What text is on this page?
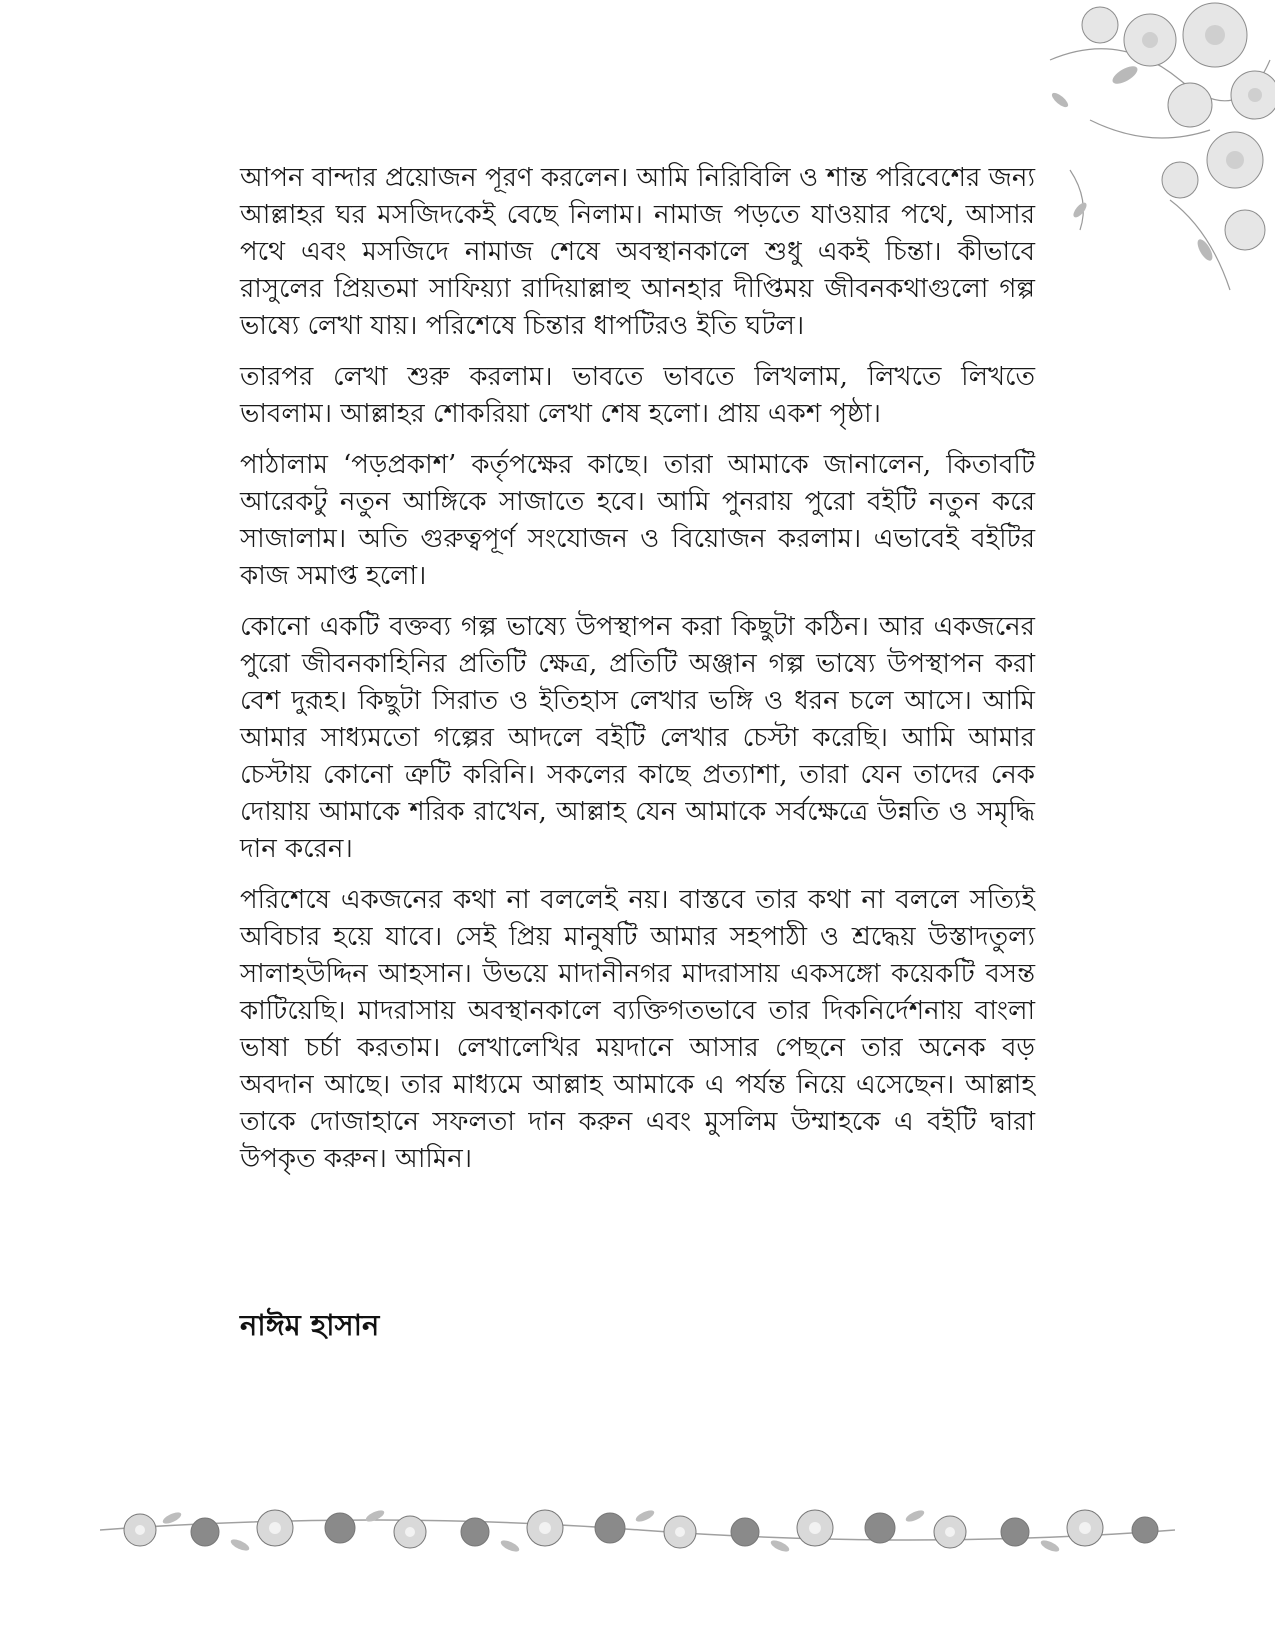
আপন বান্দার প্রয়োজন পূরণ করলেন। আমি নিরিবিলি ও শান্ত পরিবেশের জন্য আল্লাহর ঘর মসজিদকেই বেছে নিলাম। নামাজ পড়তে যাওয়ার পথে, আসার পথে এবং মসজিদে নামাজ শেষে অবস্থানকালে শুধু একই চিন্তা। কীভাবে রাসুলের প্রিয়তমা সাফিয়্যা রাদিয়াল্লাহু আনহার দীপ্তিময় জীবনকথাগুলো গল্প ভাষ্যে লেখা যায়। পরিশেষে চিন্তার ধাপটিরও ইতি ঘটল।

তারপর লেখা শুরু করলাম। ভাবতে ভাবতে লিখলাম, লিখতে লিখতে ভাবলাম। আল্লাহর শোকরিয়া লেখা শেষ হলো। প্রায় একশ পৃষ্ঠা।

পাঠালাম ‘পড়প্রকাশ’ কর্তৃপক্ষের কাছে। তারা আমাকে জানালেন, কিতাবটি আরেকটু নতুন আঙ্গিকে সাজাতে হবে। আমি পুনরায় পুরো বইটি নতুন করে সাজালাম। অতি গুরুত্বপূর্ণ সংযোজন ও বিয়োজন করলাম। এভাবেই বইটির কাজ সমাপ্ত হলো।

কোনো একটি বক্তব্য গল্প ভাষ্যে উপস্থাপন করা কিছুটা কঠিন। আর একজনের পুরো জীবনকাহিনির প্রতিটি ক্ষেত্র, প্রতিটি অঞ্জান গল্প ভাষ্যে উপস্থাপন করা বেশ দুরূহ। কিছুটা সিরাত ও ইতিহাস লেখার ভঙ্গি ও ধরন চলে আসে। আমি আমার সাধ্যমতো গল্পের আদলে বইটি লেখার চেস্টা করেছি। আমি আমার চেস্টায় কোনো ত্রুটি করিনি। সকলের কাছে প্রত্যাশা, তারা যেন তাদের নেক দোয়ায় আমাকে শরিক রাখেন, আল্লাহ যেন আমাকে সর্বক্ষেত্রে উন্নতি ও সমৃদ্ধি দান করেন।

পরিশেষে একজনের কথা না বললেই নয়। বাস্তবে তার কথা না বললে সত্যিই অবিচার হয়ে যাবে। সেই প্রিয় মানুষটি আমার সহপাঠী ও শ্রদ্ধেয় উস্তাদতুল্য সালাহউদ্দিন আহসান। উভয়ে মাদানীনগর মাদরাসায় একসঙ্গো কয়েকটি বসন্ত কাটিয়েছি। মাদরাসায় অবস্থানকালে ব্যক্তিগতভাবে তার দিকনির্দেশনায় বাংলা ভাষা চর্চা করতাম। লেখালেখির ময়দানে আসার পেছনে তার অনেক বড় অবদান আছে। তার মাধ্যমে আল্লাহ আমাকে এ পর্যন্ত নিয়ে এসেছেন। আল্লাহ তাকে দোজাহানে সফলতা দান করুন এবং মুসলিম উম্মাহকে এ বইটি দ্বারা উপকৃত করুন। আমিন।

নাঈম হাসান
